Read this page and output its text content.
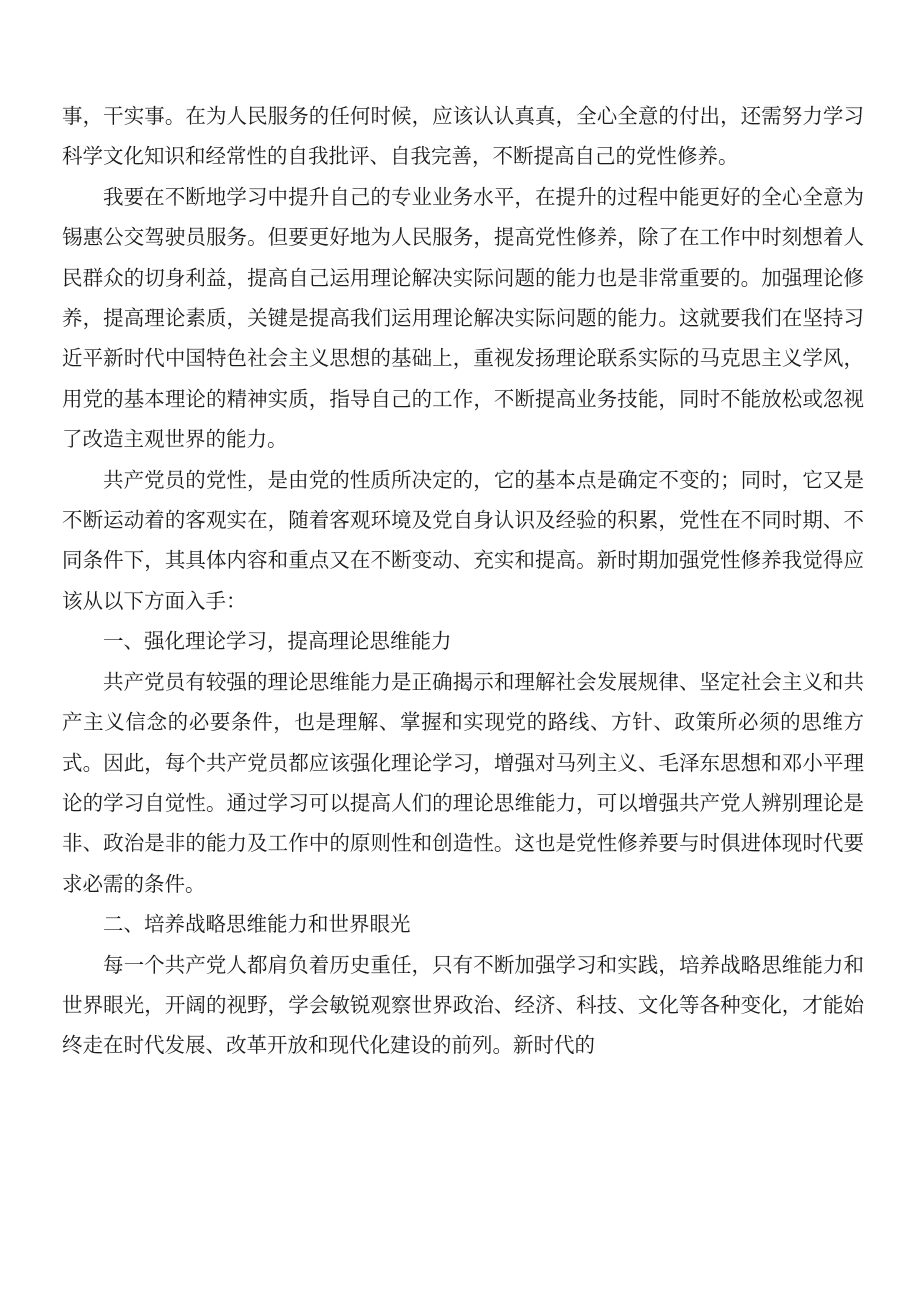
事，干实事。在为人民服务的任何时候，应该认认真真，全心全意的付出，还需努力学习科学文化知识和经常性的自我批评、自我完善，不断提高自己的党性修养。

我要在不断地学习中提升自己的专业业务水平，在提升的过程中能更好的全心全意为锡惠公交驾驶员服务。但要更好地为人民服务，提高党性修养，除了在工作中时刻想着人民群众的切身利益，提高自己运用理论解决实际问题的能力也是非常重要的。加强理论修养，提高理论素质，关键是提高我们运用理论解决实际问题的能力。这就要我们在坚持习近平新时代中国特色社会主义思想的基础上，重视发扬理论联系实际的马克思主义学风，用党的基本理论的精神实质，指导自己的工作，不断提高业务技能，同时不能放松或忽视了改造主观世界的能力。

共产党员的党性，是由党的性质所决定的，它的基本点是确定不变的；同时，它又是不断运动着的客观实在，随着客观环境及党自身认识及经验的积累，党性在不同时期、不同条件下，其具体内容和重点又在不断变动、充实和提高。新时期加强党性修养我觉得应该从以下方面入手：

一、强化理论学习，提高理论思维能力

共产党员有较强的理论思维能力是正确揭示和理解社会发展规律、坚定社会主义和共产主义信念的必要条件，也是理解、掌握和实现党的路线、方针、政策所必须的思维方式。因此，每个共产党员都应该强化理论学习，增强对马列主义、毛泽东思想和邓小平理论的学习自觉性。通过学习可以提高人们的理论思维能力，可以增强共产党人辨别理论是非、政治是非的能力及工作中的原则性和创造性。这也是党性修养要与时俱进体现时代要求必需的条件。

二、培养战略思维能力和世界眼光

每一个共产党人都肩负着历史重任，只有不断加强学习和实践，培养战略思维能力和世界眼光，开阔的视野，学会敏锐观察世界政治、经济、科技、文化等各种变化，才能始终走在时代发展、改革开放和现代化建设的前列。新时代的
